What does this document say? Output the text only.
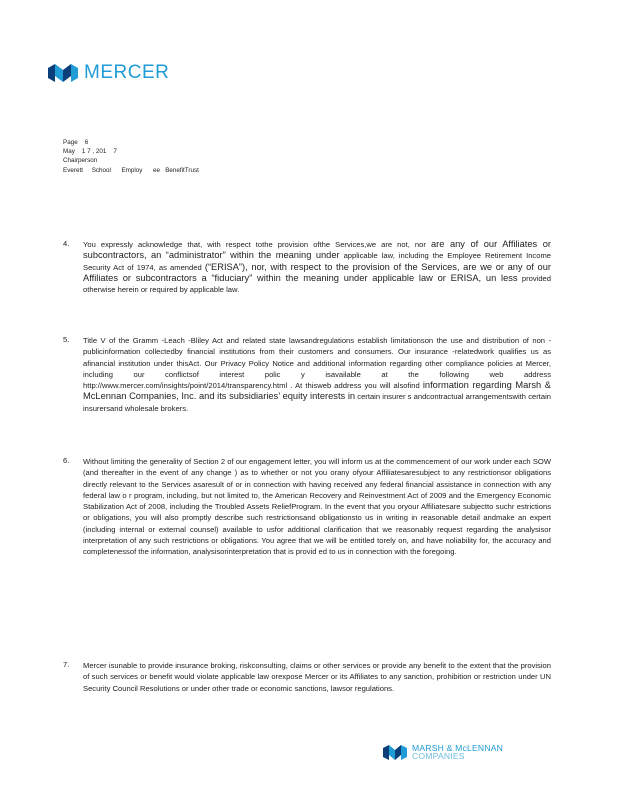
MERCER
Page    6
May    1 7 , 201    7
Chairperson
Everett     School      Employ      ee   BenefitTrust
4. You expressly acknowledge that, with respect tothe provision ofthe Services,we are not, nor are any of our Affiliates or subcontractors, an “administrator” within the meaning under applicable law, including the Employee Retirement Income Security Act of 1974, as amended (“ERISA”), nor, with respect to the provision of the Services, are we or any of our Affiliates or subcontractors a “fiduciary” within the meaning under applicable law or ERISA, un less provided otherwise herein or required by applicable law.
5. Title V of the Gramm -Leach -Bliley Act and related state lawsandregulations establish limitationson the use and distribution of non -publicinformation collectedby financial institutions from their customers and consumers. Our insurance -relatedwork qualifies us as afinancial institution under thisAct. Our Privacy Policy Notice and additional information regarding other compliance policies at Mercer, including our conflictsof interest polic y isavailable at the following web address http://www.mercer.com/insights/point/2014/transparency.html . At thisweb address you will alsofind information regarding Marsh & McLennan Companies, Inc. and its subsidiaries’ equity interests in certain insurer s andcontractual arrangementswith certain insurersand wholesale brokers.
6. Without limiting the generality of Section 2 of our engagement letter, you will inform us at the commencement of our work under each SOW (and thereafter in the event of any change ) as to whether or not you orany ofyour Affiliatesaresubject to any restrictionsor obligations directly relevant to the Services asaresult of or in connection with having received any federal financial assistance in connection with any federal law o r program, including, but not limited to, the American Recovery and Reinvestment Act of 2009 and the Emergency Economic Stabilization Act of 2008, including the Troubled Assets ReliefProgram. In the event that you oryour Affiliatesare subjectto suchr estrictions or obligations, you will also promptly describe such restrictionsand obligationsto us in writing in reasonable detail andmake an expert (including internal or external counsel) available to usfor additional clarification that we reasonably request regarding the analysisor interpretation of any such restrictions or obligations. You agree that we will be entitled torely on, and have noliability for, the accuracy and completenessof the information, analysisorinterpretation that is provid ed to us in connection with the foregoing.
7. Mercer isunable to provide insurance broking, riskconsulting, claims or other services or provide any benefit to the extent that the provision of such services or benefit would violate applicable law orexpose Mercer or its Affiliates to any sanction, prohibition or restriction under UN Security Council Resolutions or under other trade or economic sanctions, lawsor regulations.
MARSH & McLENNAN
COMPANIES
